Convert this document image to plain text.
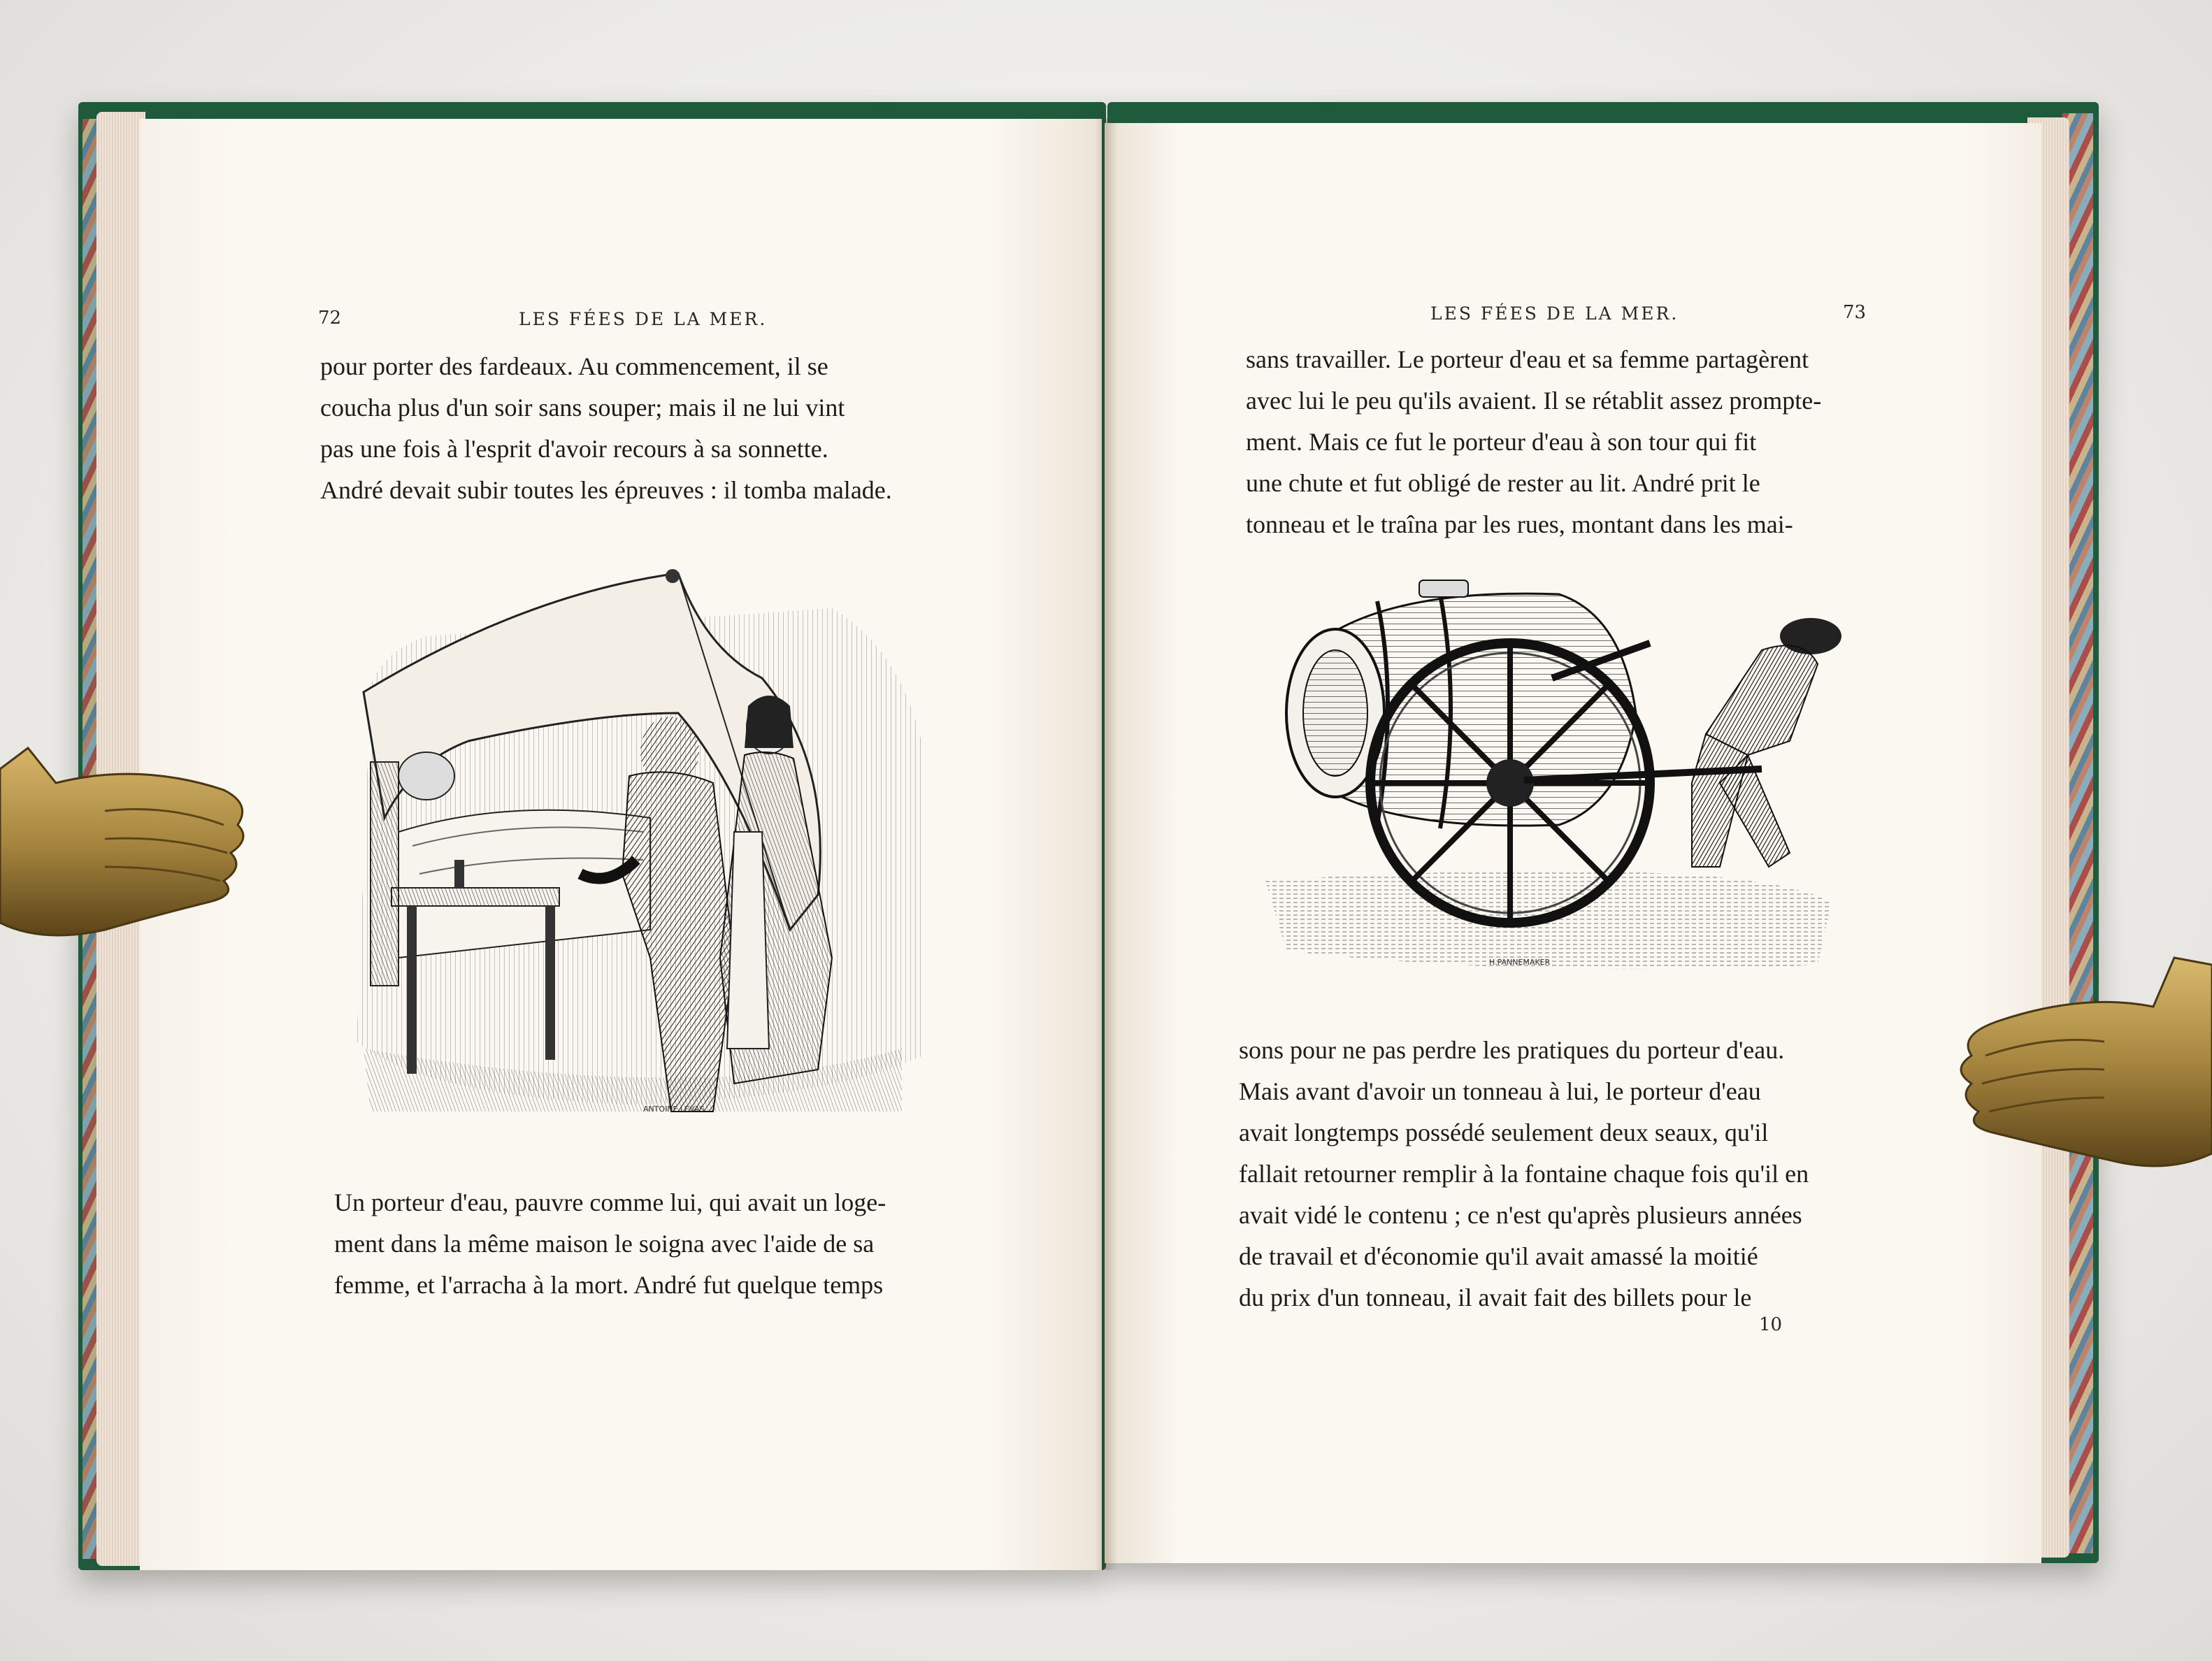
72	LES FÉES DE LA MER.
pour porter des fardeaux. Au commencement, il se
coucha plus d'un soir sans souper; mais il ne lui vint
pas une fois à l'esprit d'avoir recours à sa sonnette.
André devait subir toutes les épreuves : il tomba malade.
ANTOINE LEVAS
Un porteur d'eau, pauvre comme lui, qui avait un loge-
ment dans la même maison le soigna avec l'aide de sa
femme, et l'arracha à la mort. André fut quelque temps
LES FÉES DE LA MER.	73
sans travailler. Le porteur d'eau et sa femme partagèrent
avec lui le peu qu'ils avaient. Il se rétablit assez prompte-
ment. Mais ce fut le porteur d'eau à son tour qui fit
une chute et fut obligé de rester au lit. André prit le
tonneau et le traîna par les rues, montant dans les mai-
H.PANNEMAKER
sons pour ne pas perdre les pratiques du porteur d'eau.
Mais avant d'avoir un tonneau à lui, le porteur d'eau
avait longtemps possédé seulement deux seaux, qu'il
fallait retourner remplir à la fontaine chaque fois qu'il en
avait vidé le contenu ; ce n'est qu'après plusieurs années
de travail et d'économie qu'il avait amassé la moitié
du prix d'un tonneau, il avait fait des billets pour le
10
